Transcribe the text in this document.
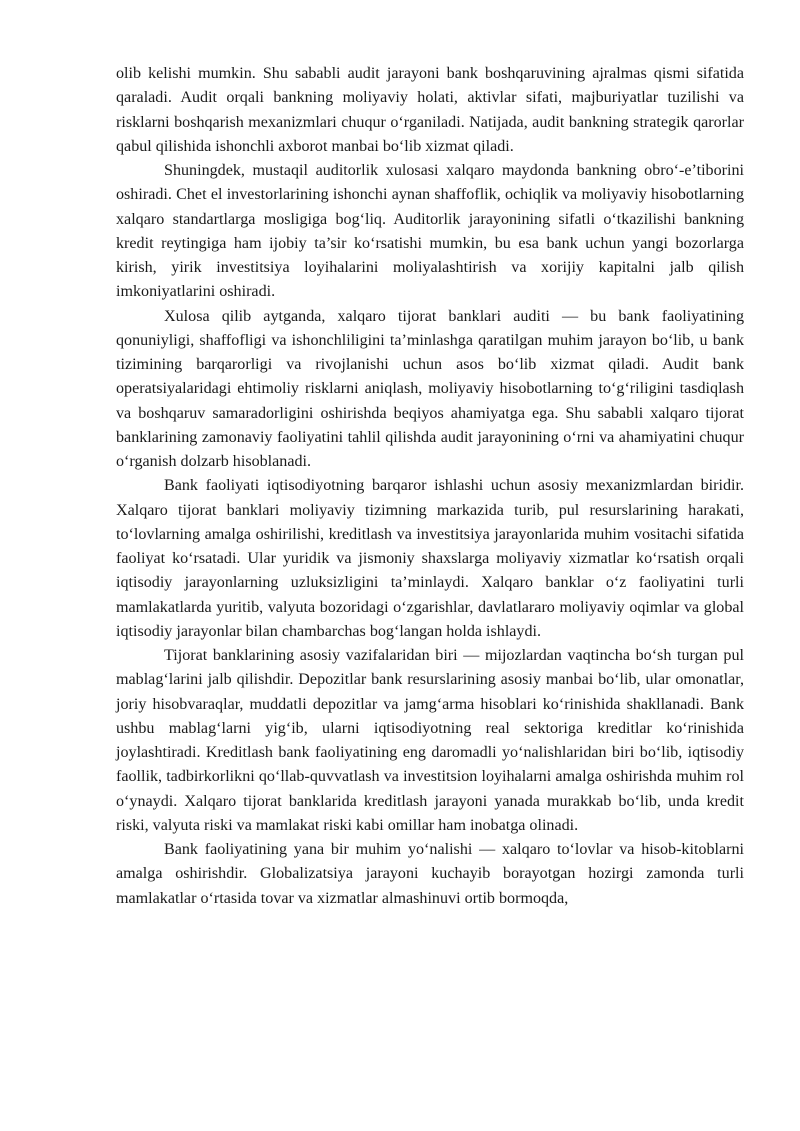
olib kelishi mumkin. Shu sababli audit jarayoni bank boshqaruvining ajralmas qismi sifatida qaraladi. Audit orqali bankning moliyaviy holati, aktivlar sifati, majburiyatlar tuzilishi va risklarni boshqarish mexanizmlari chuqur o‘rganiladi. Natijada, audit bankning strategik qarorlar qabul qilishida ishonchli axborot manbai bo‘lib xizmat qiladi.

Shuningdek, mustaqil auditorlik xulosasi xalqaro maydonda bankning obro‘-e’tiborini oshiradi. Chet el investorlarining ishonchi aynan shaffoflik, ochiqlik va moliyaviy hisobotlarning xalqaro standartlarga mosligiga bog‘liq. Auditorlik jarayonining sifatli o‘tkazilishi bankning kredit reytingiga ham ijobiy ta’sir ko‘rsatishi mumkin, bu esa bank uchun yangi bozorlarga kirish, yirik investitsiya loyihalarini moliyalashtirish va xorijiy kapitalni jalb qilish imkoniyatlarini oshiradi.

Xulosa qilib aytganda, xalqaro tijorat banklari auditi — bu bank faoliyatining qonuniyligi, shaffofligi va ishonchliligini ta’minlashga qaratilgan muhim jarayon bo‘lib, u bank tizimining barqarorligi va rivojlanishi uchun asos bo‘lib xizmat qiladi. Audit bank operatsiyalaridagi ehtimoliy risklarni aniqlash, moliyaviy hisobotlarning to‘g‘riligini tasdiqlash va boshqaruv samaradorligini oshirishda beqiyos ahamiyatga ega. Shu sababli xalqaro tijorat banklarining zamonaviy faoliyatini tahlil qilishda audit jarayonining o‘rni va ahamiyatini chuqur o‘rganish dolzarb hisoblanadi.

Bank faoliyati iqtisodiyotning barqaror ishlashi uchun asosiy mexanizmlardan biridir. Xalqaro tijorat banklari moliyaviy tizimning markazida turib, pul resurslarining harakati, to‘lovlarning amalga oshirilishi, kreditlash va investitsiya jarayonlarida muhim vositachi sifatida faoliyat ko‘rsatadi. Ular yuridik va jismoniy shaxslarga moliyaviy xizmatlar ko‘rsatish orqali iqtisodiy jarayonlarning uzluksizligini ta’minlaydi. Xalqaro banklar o‘z faoliyatini turli mamlakatlarda yuritib, valyuta bozoridagi o‘zgarishlar, davlatlararo moliyaviy oqimlar va global iqtisodiy jarayonlar bilan chambarchas bog‘langan holda ishlaydi.

Tijorat banklarining asosiy vazifalaridan biri — mijozlardan vaqtincha bo‘sh turgan pul mablag‘larini jalb qilishdir. Depozitlar bank resurslarining asosiy manbai bo‘lib, ular omonatlar, joriy hisobvaraqlar, muddatli depozitlar va jamg‘arma hisoblari ko‘rinishida shakllanadi. Bank ushbu mablag‘larni yig‘ib, ularni iqtisodiyotning real sektoriga kreditlar ko‘rinishida joylashtiradi. Kreditlash bank faoliyatining eng daromadli yo‘nalishlaridan biri bo‘lib, iqtisodiy faollik, tadbirkorlikni qo‘llab-quvvatlash va investitsion loyihalarni amalga oshirishda muhim rol o‘ynaydi. Xalqaro tijorat banklarida kreditlash jarayoni yanada murakkab bo‘lib, unda kredit riski, valyuta riski va mamlakat riski kabi omillar ham inobatga olinadi.

Bank faoliyatining yana bir muhim yo‘nalishi — xalqaro to‘lovlar va hisob-kitoblarni amalga oshirishdir. Globalizatsiya jarayoni kuchayib borayotgan hozirgi zamonda turli mamlakatlar o‘rtasida tovar va xizmatlar almashinuvi ortib bormoqda,
